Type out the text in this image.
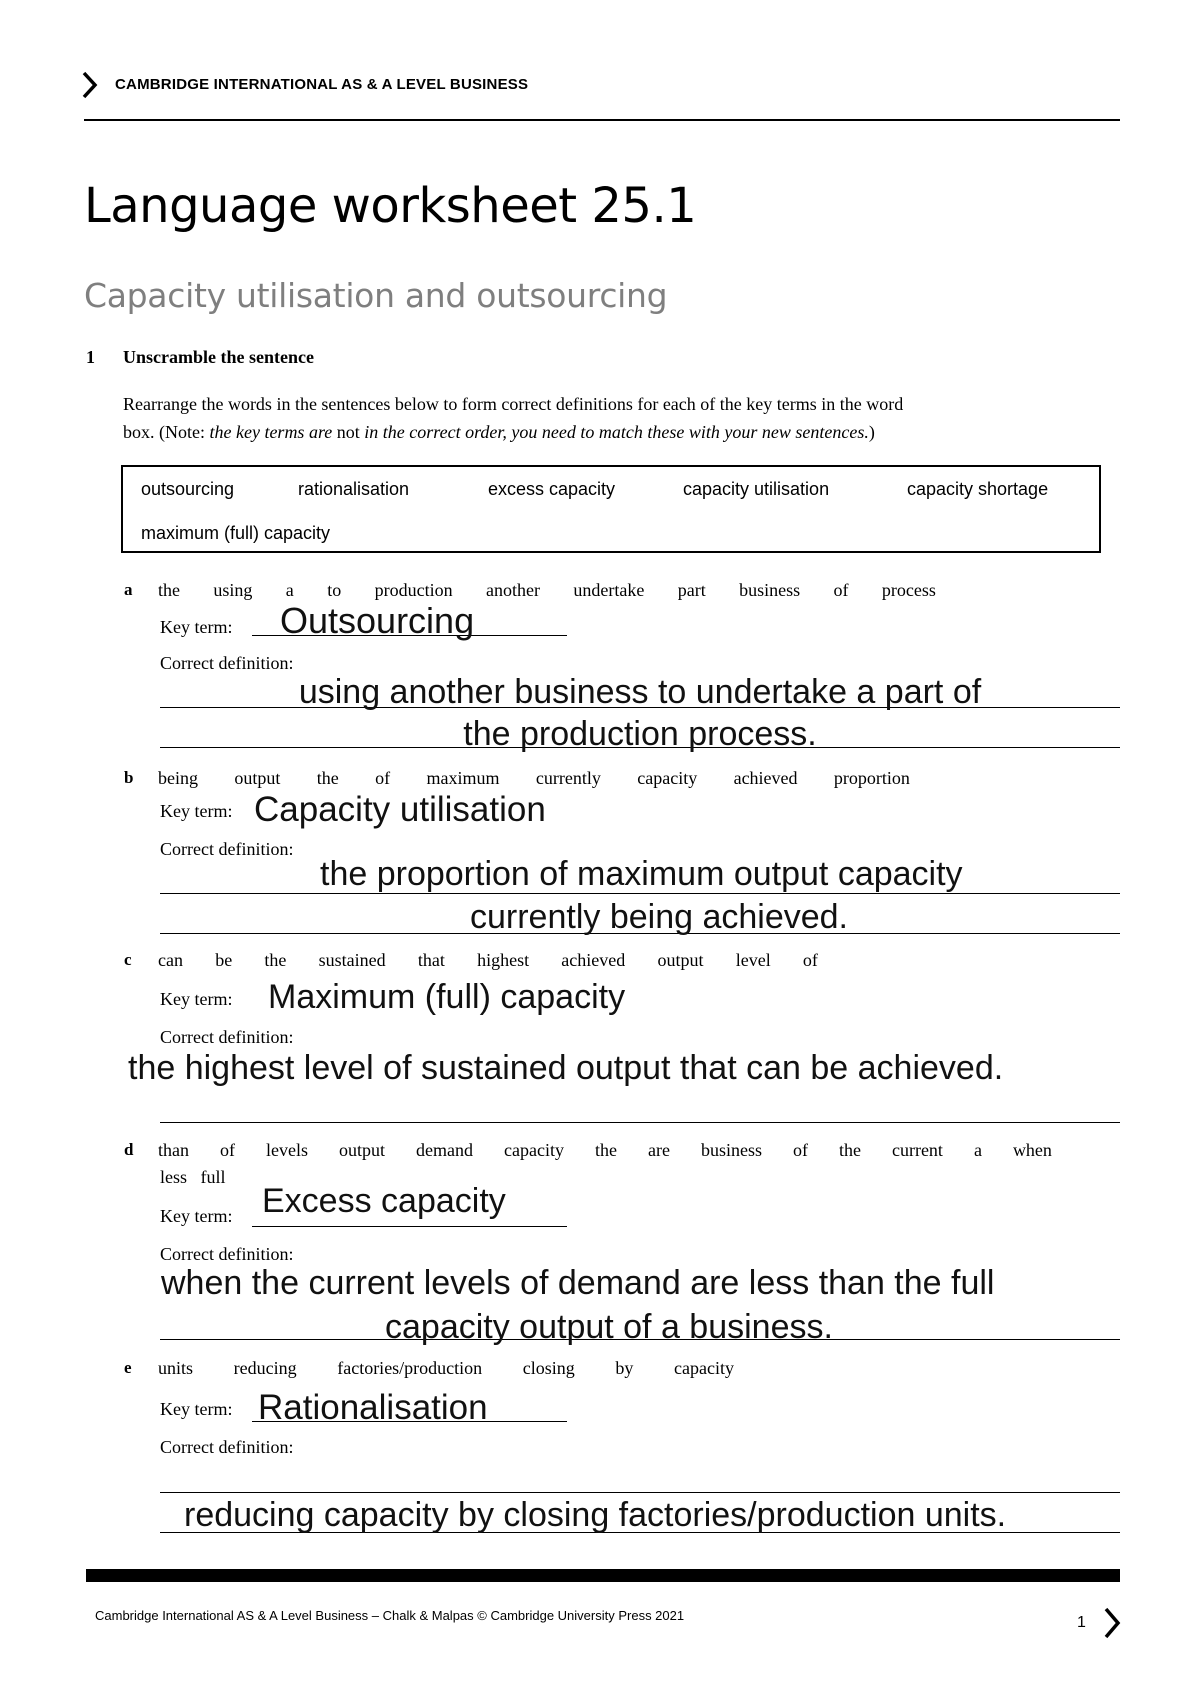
CAMBRIDGE INTERNATIONAL AS & A LEVEL BUSINESS
Language worksheet 25.1
Capacity utilisation and outsourcing
1 Unscramble the sentence
Rearrange the words in the sentences below to form correct definitions for each of the key terms in the word
box. (Note: the key terms are not in the correct order, you need to match these with your new sentences.)
outsourcing	rationalisation	excess capacity	capacity utilisation	capacity shortage
maximum (full) capacity
a the using a to production another undertake part business of process
Key term: Outsourcing
Correct definition:
using another business to undertake a part of
the production process.
b being output the of maximum currently capacity achieved proportion
Key term: Capacity utilisation
Correct definition:
the proportion of maximum output capacity
currently being achieved.
c can be the sustained that highest achieved output level of
Key term: Maximum (full) capacity
Correct definition:
the highest level of sustained output that can be achieved.
d than of levels output demand capacity the are business of the current a when
less   full
Key term: Excess capacity
Correct definition:
when the current levels of demand are less than the full
capacity output of a business.
e units reducing factories/production closing by capacity
Key term: Rationalisation
Correct definition:
reducing capacity by closing factories/production units.
Cambridge International AS & A Level Business – Chalk & Malpas © Cambridge University Press 2021	1
